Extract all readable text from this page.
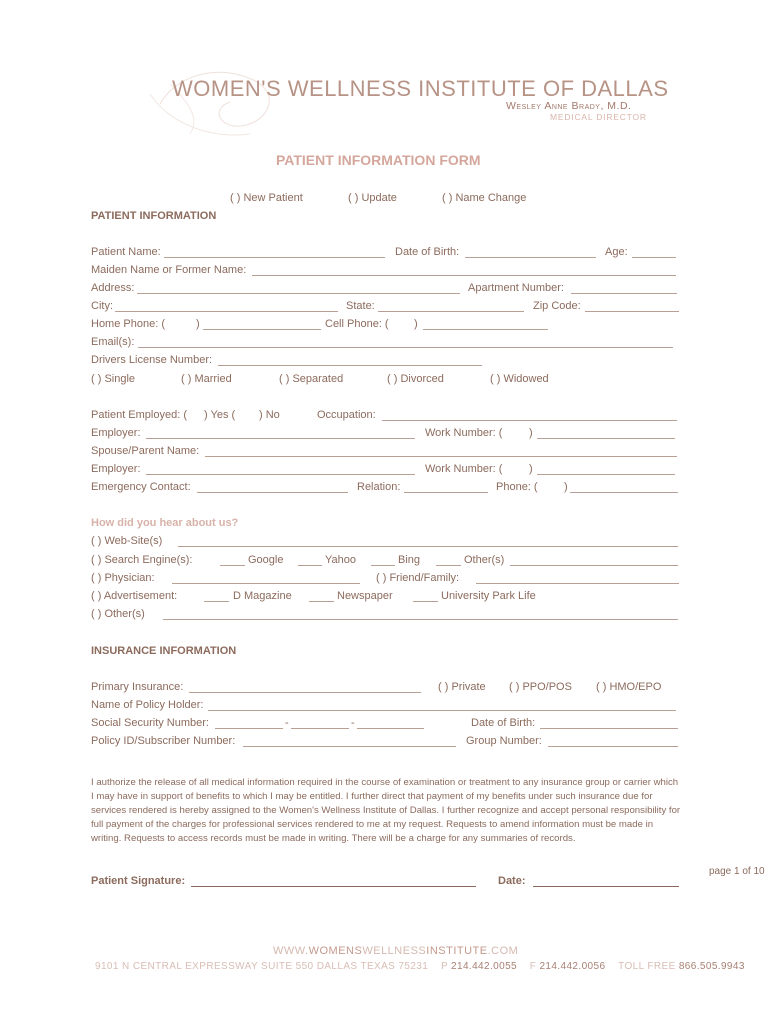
WOMEN'S WELLNESS INSTITUTE OF DALLAS
Wesley Anne Brady, M.D.
MEDICAL DIRECTOR
PATIENT INFORMATION FORM
( ) New Patient	( ) Update	( ) Name Change
PATIENT INFORMATION
Patient Name:	Date of Birth:	Age:
Maiden Name or Former Name:
Address:	Apartment Number:
City:	State:	Zip Code:
Home Phone: (	)	Cell Phone: ( )
Email(s):
Drivers License Number:
( ) Single	( ) Married	( ) Separated	( ) Divorced	( ) Widowed
Patient Employed: ( ) Yes ( ) No	Occupation:
Employer:	Work Number: ( )
Spouse/Parent Name:
Employer:	Work Number: ( )
Emergency Contact:	Relation:	Phone: ( )
How did you hear about us?
( ) Web-Site(s)
( ) Search Engine(s):	Google	Yahoo	Bing	Other(s)
( ) Physician:	( ) Friend/Family:
( ) Advertisement:	D Magazine	Newspaper	University Park Life
( ) Other(s)
INSURANCE INFORMATION
Primary Insurance:	( ) Private ( ) PPO/POS ( ) HMO/EPO
Name of Policy Holder:
Social Security Number:	-	-	Date of Birth:
Policy ID/Subscriber Number:	Group Number:
I authorize the release of all medical information required in the course of examination or treatment to any insurance group or carrier which I may have in support of benefits to which I may be entitled. I further direct that payment of my benefits under such insurance due for services rendered is hereby assigned to the Women's Wellness Institute of Dallas. I further recognize and accept personal responsibility for full payment of the charges for professional services rendered to me at my request. Requests to amend information must be made in writing. Requests to access records must be made in writing. There will be a charge for any summaries of records.
page 1 of 10
Patient Signature:	Date:
WWW.WOMENSWELLNESSINSTITUTE.COM
9101 N CENTRAL EXPRESSWAY SUITE 550 DALLAS TEXAS 75231 P 214.442.0055 F 214.442.0056 TOLL FREE 866.505.9943
